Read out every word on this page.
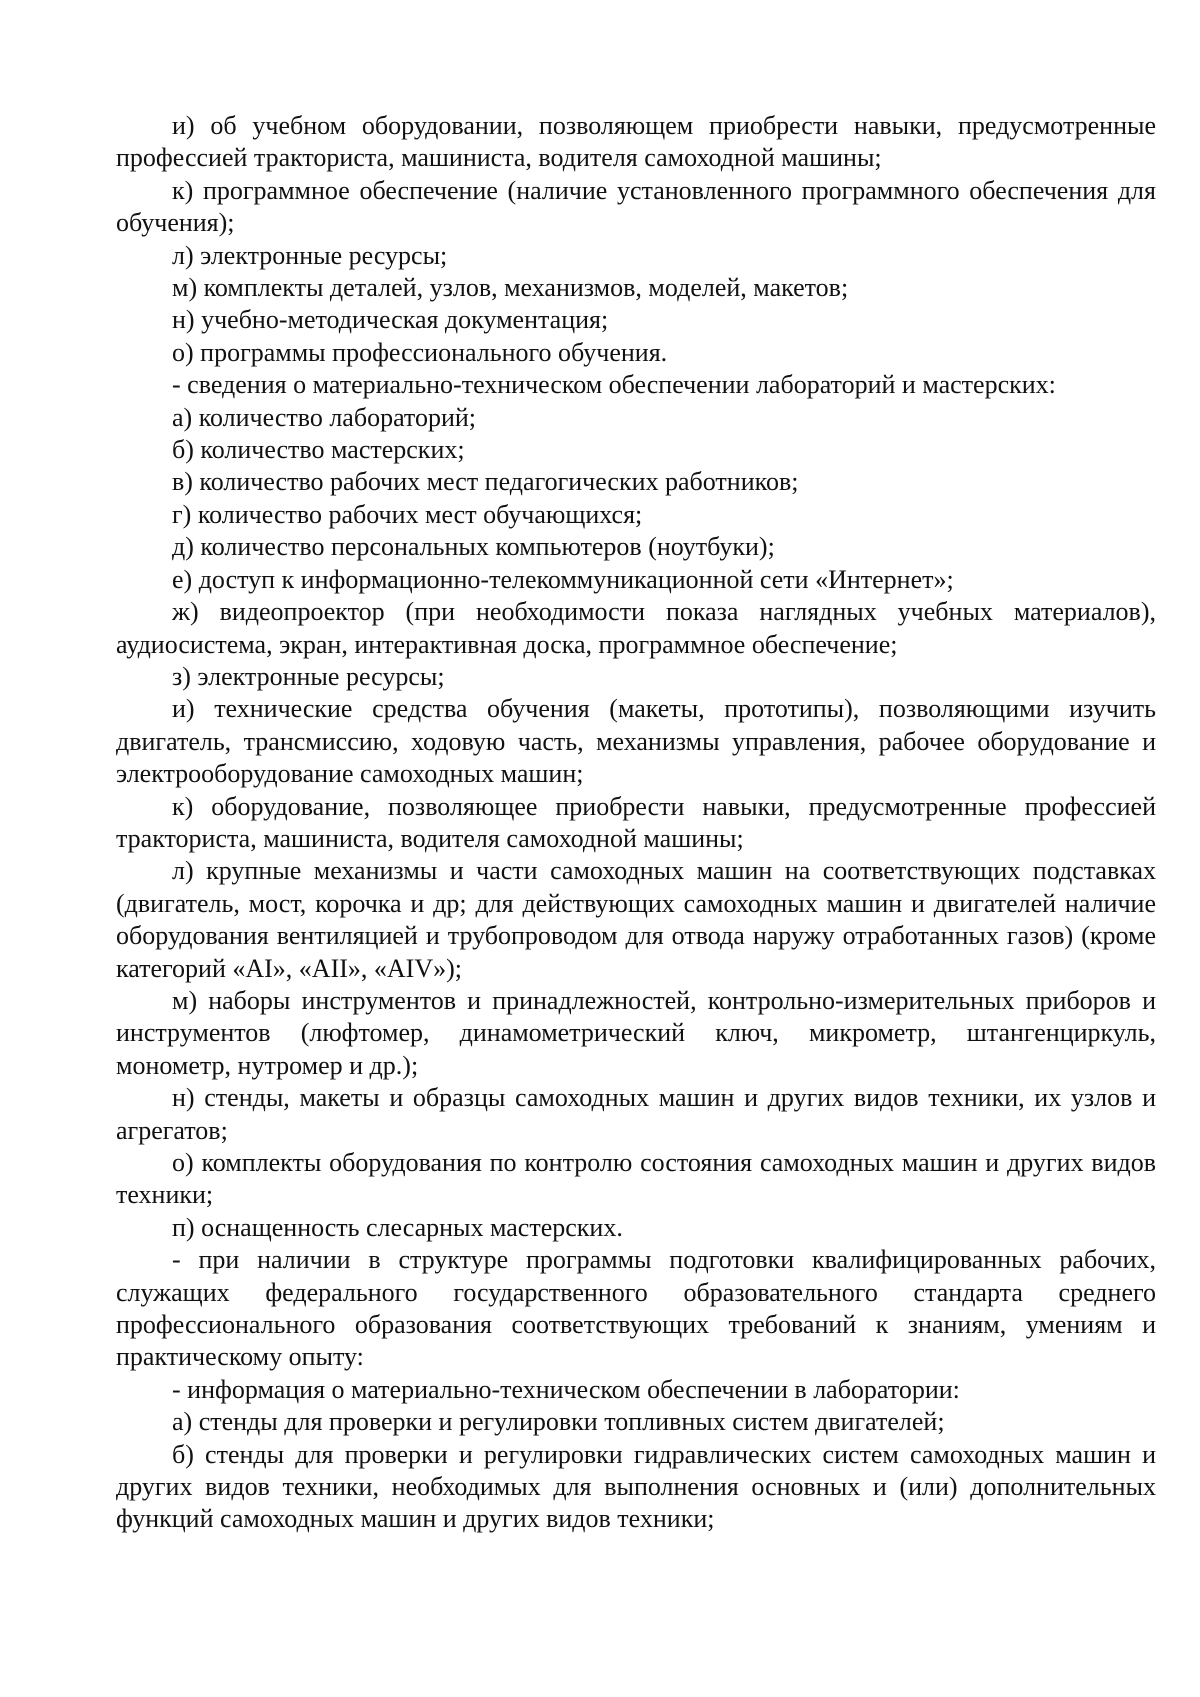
и) об учебном оборудовании, позволяющем приобрести навыки, предусмотренные профессией тракториста, машиниста, водителя самоходной машины;

к) программное обеспечение (наличие установленного программного обеспечения для обучения);

л) электронные ресурсы;

м) комплекты деталей, узлов, механизмов, моделей, макетов;

н) учебно-методическая документация;

о) программы профессионального обучения.

- сведения о материально-техническом обеспечении лабораторий и мастерских:

а) количество лабораторий;

б) количество мастерских;

в) количество рабочих мест педагогических работников;

г) количество рабочих мест обучающихся;

д) количество персональных компьютеров (ноутбуки);

е) доступ к информационно-телекоммуникационной сети «Интернет»;

ж) видеопроектор (при необходимости показа наглядных учебных материалов), аудиосистема, экран, интерактивная доска, программное обеспечение;

з) электронные ресурсы;

и) технические средства обучения (макеты, прототипы), позволяющими изучить двигатель, трансмиссию, ходовую часть, механизмы управления, рабочее оборудование и электрооборудование самоходных машин;

к) оборудование, позволяющее приобрести навыки, предусмотренные профессией тракториста, машиниста, водителя самоходной машины;

л) крупные механизмы и части самоходных машин на соответствующих подставках (двигатель, мост, корочка и др; для действующих самоходных машин и двигателей наличие оборудования вентиляцией и трубопроводом для отвода наружу отработанных газов) (кроме категорий «AI», «AII», «AIV»);

м) наборы инструментов и принадлежностей, контрольно-измерительных приборов и инструментов (люфтомер, динамометрический ключ, микрометр, штангенциркуль, монометр, нутромер и др.);

н) стенды, макеты и образцы самоходных машин и других видов техники, их узлов и агрегатов;

о) комплекты оборудования по контролю состояния самоходных машин и других видов техники;

п) оснащенность слесарных мастерских.

- при наличии в структуре программы подготовки квалифицированных рабочих, служащих федерального государственного образовательного стандарта среднего профессионального образования соответствующих требований к знаниям, умениям и практическому опыту:

- информация о материально-техническом обеспечении в лаборатории:

а) стенды для проверки и регулировки топливных систем двигателей;

б) стенды для проверки и регулировки гидравлических систем самоходных машин и других видов техники, необходимых для выполнения основных и (или) дополнительных функций самоходных машин и других видов техники;
